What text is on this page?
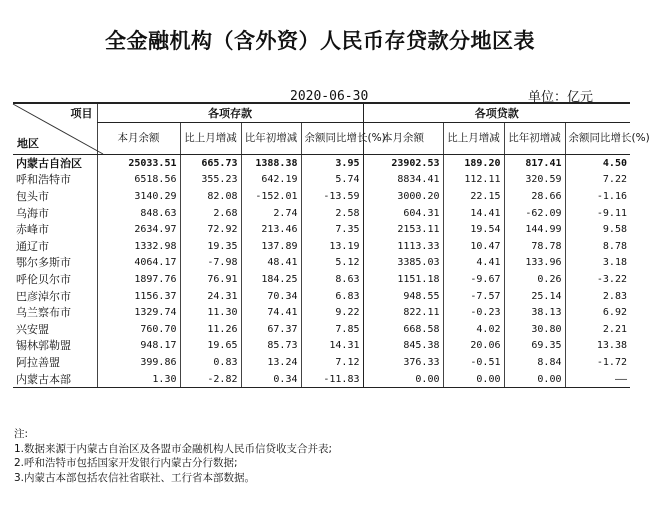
全金融机构（含外资）人民币存贷款分地区表
2020-06-30	单位：亿元
项目
地区	各项存款				各项贷款			
	本月余额	比上月增减	比年初增减	余额同比增长(%)	本月余额	比上月增减	比年初增减	余额同比增长(%)
内蒙古自治区	25033.51	665.73	1388.38	3.95	23902.53	189.20	817.41	4.50
呼和浩特市	6518.56	355.23	642.19	5.74	8834.41	112.11	320.59	7.22
包头市	3140.29	82.08	-152.01	-13.59	3000.20	22.15	28.66	-1.16
乌海市	848.63	2.68	2.74	2.58	604.31	14.41	-62.09	-9.11
赤峰市	2634.97	72.92	213.46	7.35	2153.11	19.54	144.99	9.58
通辽市	1332.98	19.35	137.89	13.19	1113.33	10.47	78.78	8.78
鄂尔多斯市	4064.17	-7.98	48.41	5.12	3385.03	4.41	133.96	3.18
呼伦贝尔市	1897.76	76.91	184.25	8.63	1151.18	-9.67	0.26	-3.22
巴彦淖尔市	1156.37	24.31	70.34	6.83	948.55	-7.57	25.14	2.83
乌兰察布市	1329.74	11.30	74.41	9.22	822.11	-0.23	38.13	6.92
兴安盟	760.70	11.26	67.37	7.85	668.58	4.02	30.80	2.21
锡林郭勒盟	948.17	19.65	85.73	14.31	845.38	20.06	69.35	13.38
阿拉善盟	399.86	0.83	13.24	7.12	376.33	-0.51	8.84	-1.72
内蒙古本部	1.30	-2.82	0.34	-11.83	0.00	0.00	0.00	——
注:
1.数据来源于内蒙古自治区及各盟市金融机构人民币信贷收支合并表;
2.呼和浩特市包括国家开发银行内蒙古分行数据;
3.内蒙古本部包括农信社省联社、工行省本部数据。
